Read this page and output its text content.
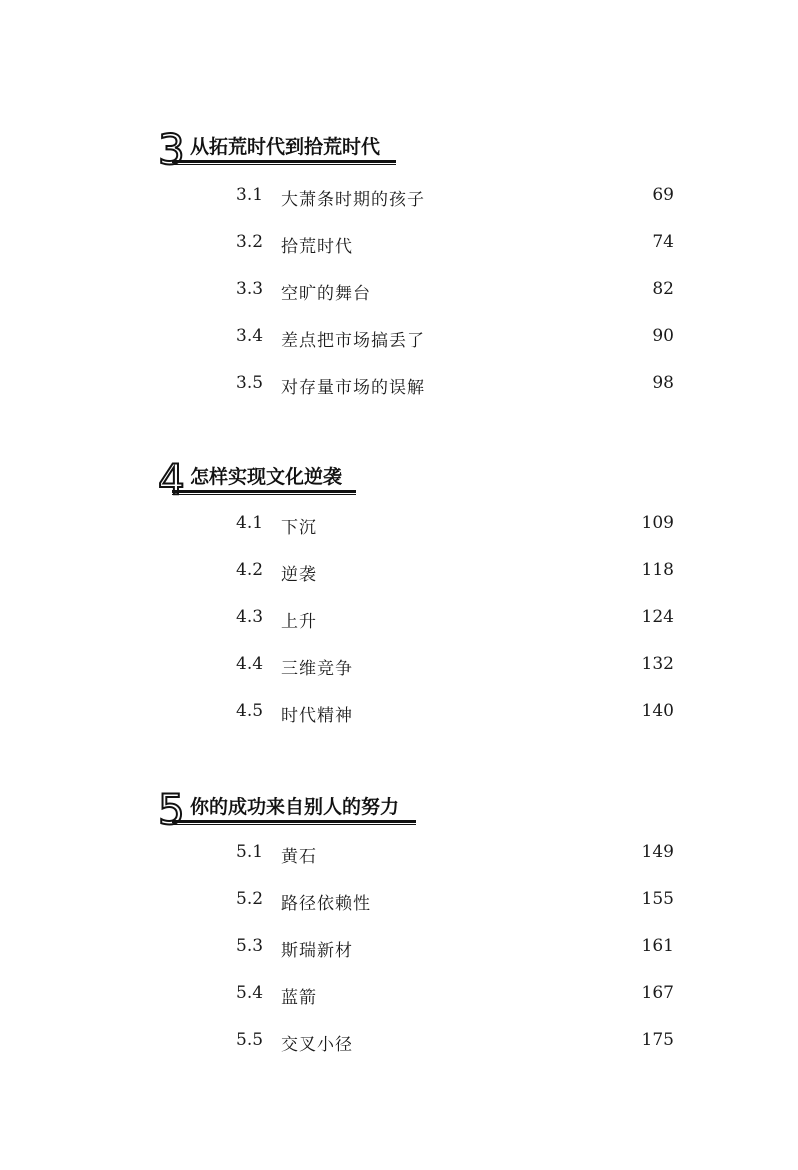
3 从拓荒时代到拾荒时代
3.1 大萧条时期的孩子	69
3.2 拾荒时代	74
3.3 空旷的舞台	82
3.4 差点把市场搞丢了	90
3.5 对存量市场的误解	98
4 怎样实现文化逆袭
4.1 下沉	109
4.2 逆袭	118
4.3 上升	124
4.4 三维竞争	132
4.5 时代精神	140
5 你的成功来自别人的努力
5.1 黄石	149
5.2 路径依赖性	155
5.3 斯瑞新材	161
5.4 蓝箭	167
5.5 交叉小径	175
